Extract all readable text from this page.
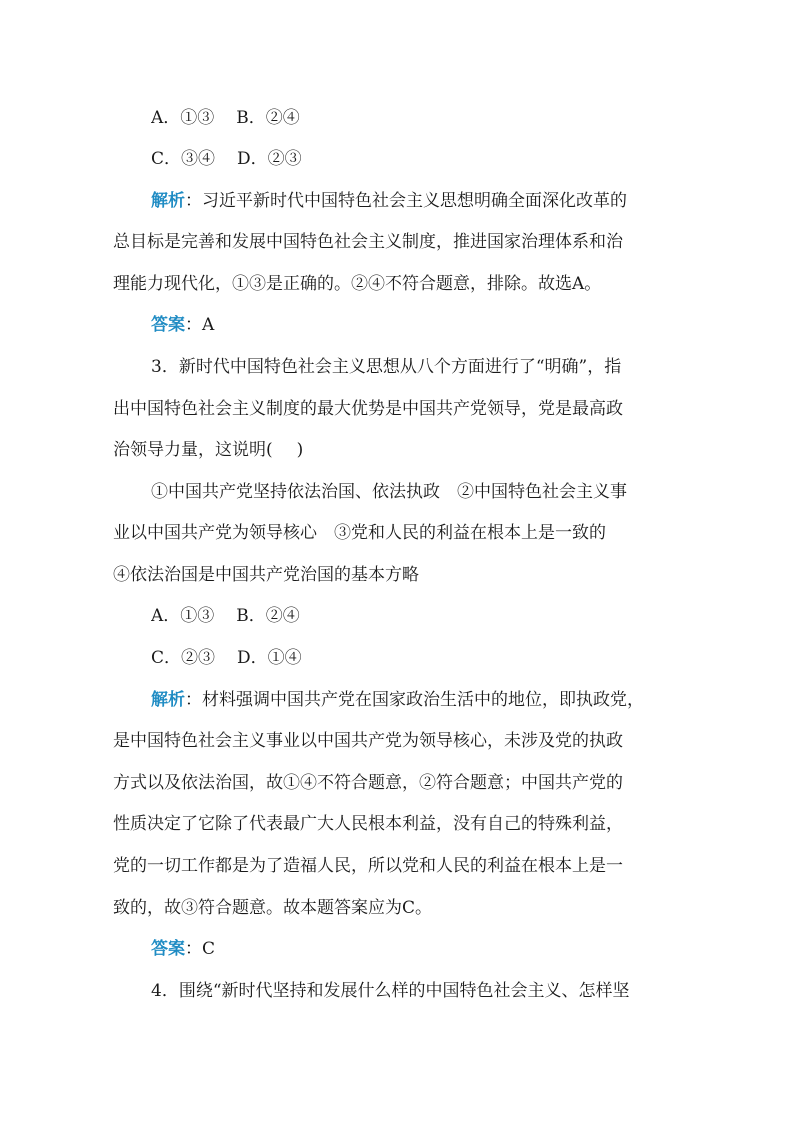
A．①③ B．②④
C．③④ D．②③
解析：习近平新时代中国特色社会主义思想明确全面深化改革的
总目标是完善和发展中国特色社会主义制度，推进国家治理体系和治
理能力现代化，①③是正确的。②④不符合题意，排除。故选A。
答案：A
3．新时代中国特色社会主义思想从八个方面进行了“明确”，指
出中国特色社会主义制度的最大优势是中国共产党领导，党是最高政
治领导力量，这说明( )
①中国共产党坚持依法治国、依法执政　②中国特色社会主义事
业以中国共产党为领导核心　③党和人民的利益在根本上是一致的
④依法治国是中国共产党治国的基本方略
A．①③ B．②④
C．②③ D．①④
解析：材料强调中国共产党在国家政治生活中的地位，即执政党，
是中国特色社会主义事业以中国共产党为领导核心，未涉及党的执政
方式以及依法治国，故①④不符合题意，②符合题意；中国共产党的
性质决定了它除了代表最广大人民根本利益，没有自己的特殊利益，
党的一切工作都是为了造福人民，所以党和人民的利益在根本上是一
致的，故③符合题意。故本题答案应为C。
答案：C
4．围绕“新时代坚持和发展什么样的中国特色社会主义、怎样坚
